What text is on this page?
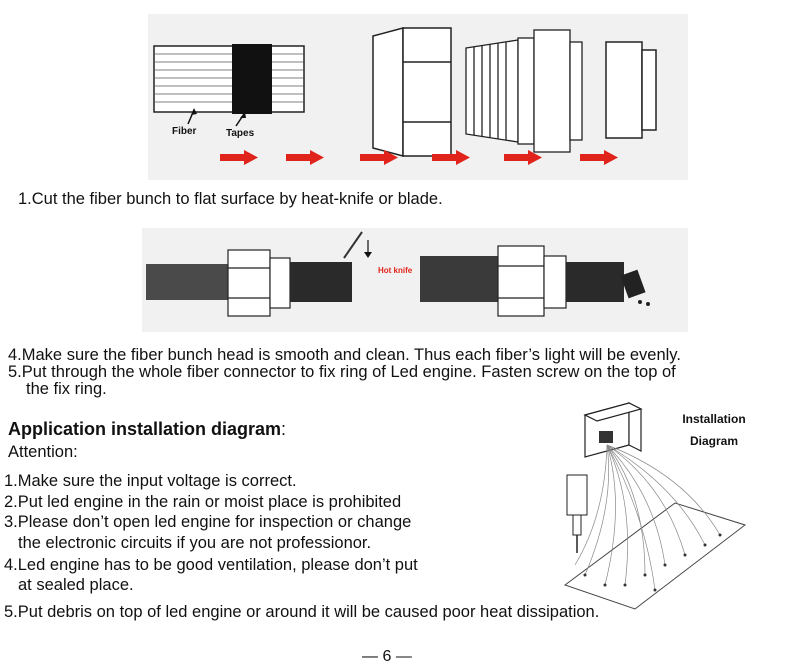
Fiber	Tapes
1.Cut the fiber bunch to flat surface by heat-knife or blade.
Hot knife
4.Make sure the fiber bunch head is smooth and clean. Thus each fiber’s light will be evenly.
5.Put through the whole fiber connector to fix ring of Led engine. Fasten screw on the top of
the fix ring.
Application installation diagram:
Attention:
1.Make sure the input voltage is correct.
2.Put led engine in the rain or moist place is prohibited
3.Please don’t open led engine for inspection or change
the electronic circuits if you are not professionor.
4.Led engine has to be good ventilation, please don’t put
at sealed place.
5.Put debris on top of led engine or around it will be caused poor heat dissipation.
Installation
Diagram
— 6 —
